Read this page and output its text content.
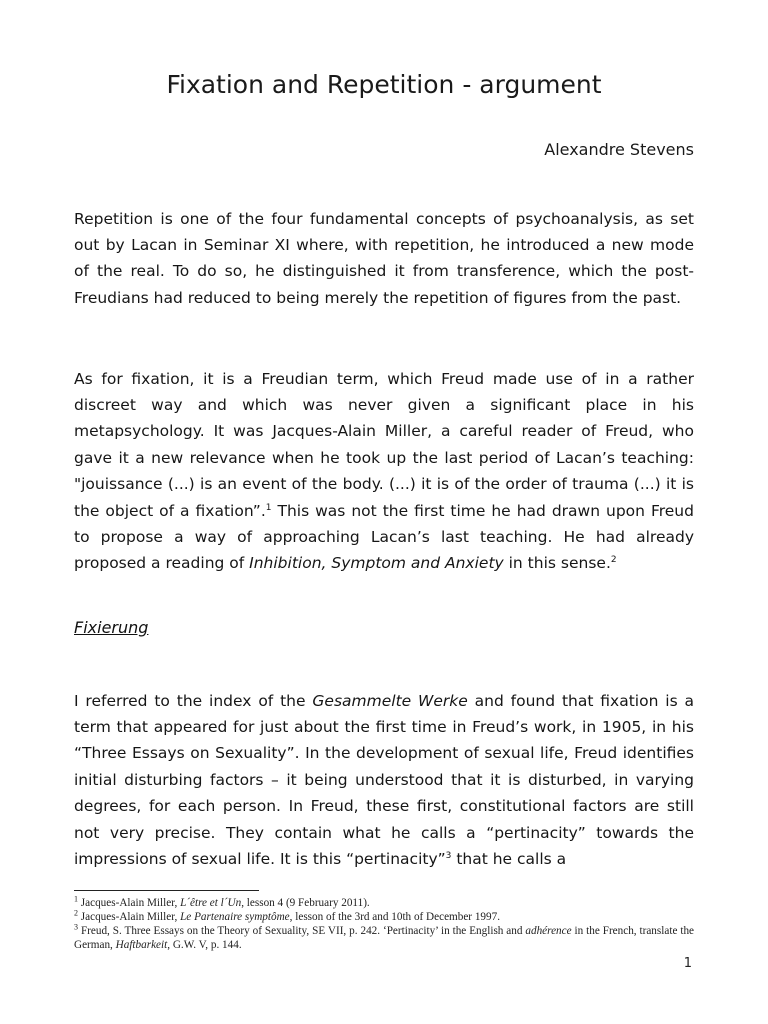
Fixation and Repetition - argument
Alexandre Stevens

Repetition is one of the four fundamental concepts of psychoanalysis, as set out by Lacan in Seminar XI where, with repetition, he introduced a new mode of the real. To do so, he distinguished it from transference, which the post-Freudians had reduced to being merely the repetition of figures from the past.

As for fixation, it is a Freudian term, which Freud made use of in a rather discreet way and which was never given a significant place in his metapsychology. It was Jacques-Alain Miller, a careful reader of Freud, who gave it a new relevance when he took up the last period of Lacan’s teaching: "jouissance (...) is an event of the body. (...) it is of the order of trauma (...) it is the object of a fixation”.$^1$ This was not the first time he had drawn upon Freud to propose a way of approaching Lacan’s last teaching. He had already proposed a reading of Inhibition, Symptom and Anxiety in this sense.$^2$

Fixierung

I referred to the index of the Gesammelte Werke and found that fixation is a term that appeared for just about the first time in Freud’s work, in 1905, in his “Three Essays on Sexuality”. In the development of sexual life, Freud identifies initial disturbing factors – it being understood that it is disturbed, in varying degrees, for each person. In Freud, these first, constitutional factors are still not very precise. They contain what he calls a “pertinacity” towards the impressions of sexual life. It is this “pertinacity”$^3$ that he calls a

$^1$ Jacques-Alain Miller, L´être et l´Un, lesson 4 (9 February 2011).

$^2$ Jacques-Alain Miller, Le Partenaire symptôme, lesson of the 3rd and 10th of December 1997.

$^3$ Freud, S. Three Essays on the Theory of Sexuality, SE VII, p. 242. ‘Pertinacity’ in the English and adhérence in the French, translate the German, Haftbarkeit, G.W. V, p. 144.

1
